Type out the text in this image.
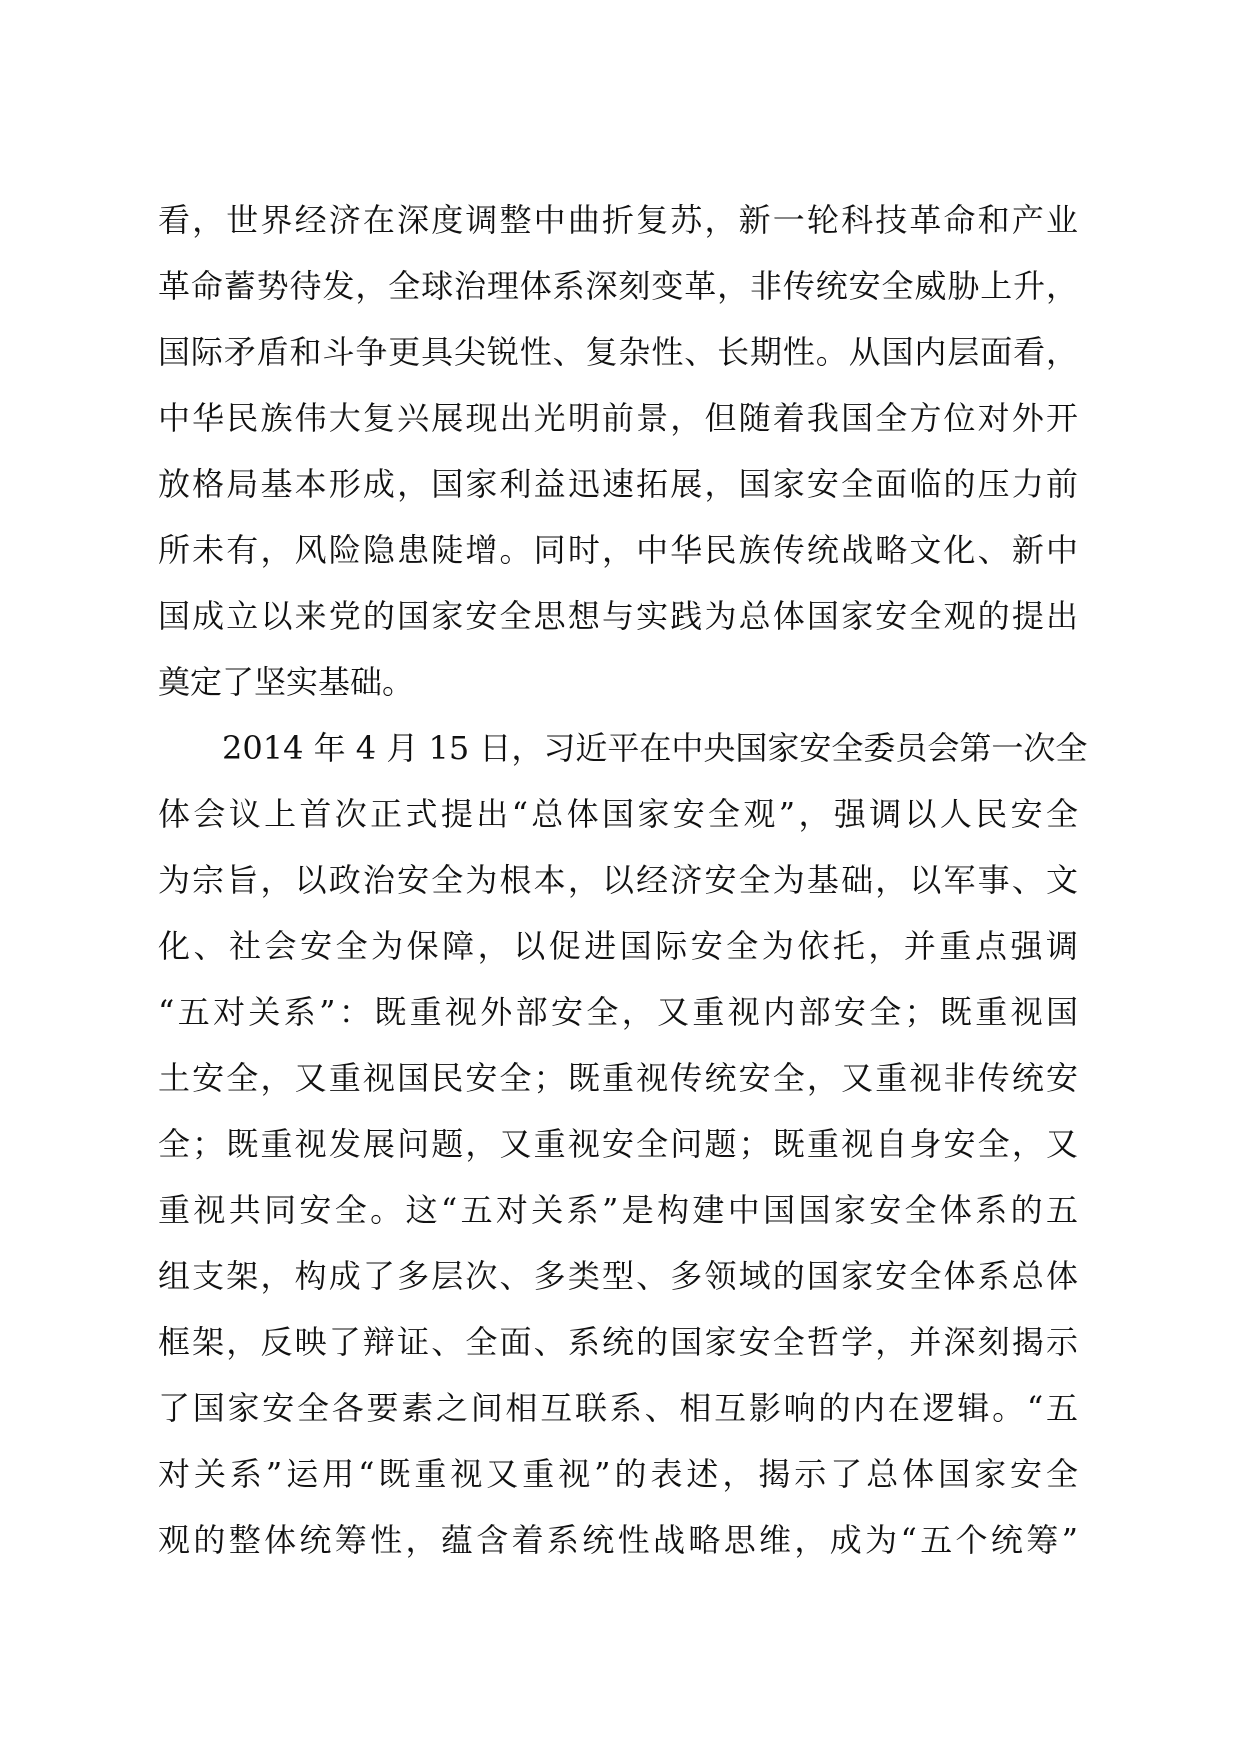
看，世界经济在深度调整中曲折复苏，新一轮科技革命和产业
革命蓄势待发，全球治理体系深刻变革，非传统安全威胁上升，
国际矛盾和斗争更具尖锐性、复杂性、长期性。从国内层面看，
中华民族伟大复兴展现出光明前景，但随着我国全方位对外开
放格局基本形成，国家利益迅速拓展，国家安全面临的压力前
所未有，风险隐患陡增。同时，中华民族传统战略文化、新中
国成立以来党的国家安全思想与实践为总体国家安全观的提出
奠定了坚实基础。
2014 年 4 月 15 日，习近平在中央国家安全委员会第一次全
体会议上首次正式提出“总体国家安全观”，强调以人民安全
为宗旨，以政治安全为根本，以经济安全为基础，以军事、文
化、社会安全为保障，以促进国际安全为依托，并重点强调
“五对关系”：既重视外部安全，又重视内部安全；既重视国
土安全，又重视国民安全；既重视传统安全，又重视非传统安
全；既重视发展问题，又重视安全问题；既重视自身安全，又
重视共同安全。这“五对关系”是构建中国国家安全体系的五
组支架，构成了多层次、多类型、多领域的国家安全体系总体
框架，反映了辩证、全面、系统的国家安全哲学，并深刻揭示
了国家安全各要素之间相互联系、相互影响的内在逻辑。“五
对关系”运用“既重视又重视”的表述，揭示了总体国家安全
观的整体统筹性，蕴含着系统性战略思维，成为“五个统筹”
